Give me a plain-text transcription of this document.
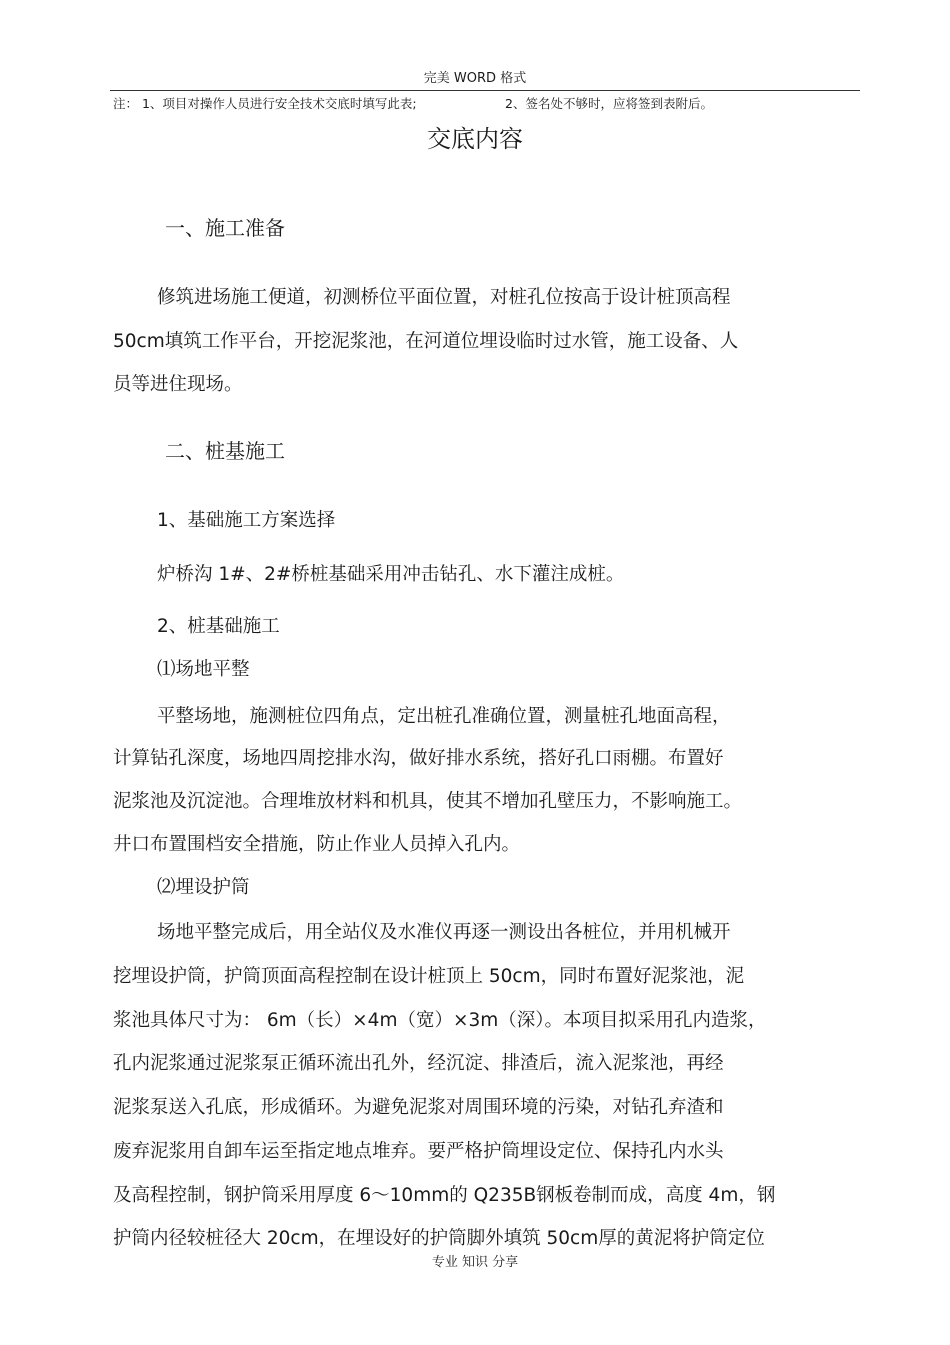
完美 WORD 格式
注： 1、项目对操作人员进行安全技术交底时填写此表;	2、签名处不够时，应将签到表附后。
交底内容
一、施工准备
修筑进场施工便道，初测桥位平面位置，对桩孔位按高于设计桩顶高程
50cm填筑工作平台，开挖泥浆池，在河道位埋设临时过水管，施工设备、人
员等进住现场。
二、桩基施工
1、基础施工方案选择
炉桥沟 1#、2#桥桩基础采用冲击钻孔、水下灌注成桩。
2、桩基础施工
⑴场地平整
平整场地，施测桩位四角点，定出桩孔准确位置，测量桩孔地面高程，
计算钻孔深度，场地四周挖排水沟，做好排水系统，搭好孔口雨棚。布置好
泥浆池及沉淀池。合理堆放材料和机具，使其不增加孔壁压力，不影响施工。
井口布置围档安全措施，防止作业人员掉入孔内。
⑵埋设护筒
场地平整完成后，用全站仪及水准仪再逐一测设出各桩位，并用机械开
挖埋设护筒，护筒顶面高程控制在设计桩顶上 50cm，同时布置好泥浆池，泥
浆池具体尺寸为： 6m（长）×4m（宽）×3m（深）。本项目拟采用孔内造浆，
孔内泥浆通过泥浆泵正循环流出孔外，经沉淀、排渣后，流入泥浆池，再经
泥浆泵送入孔底，形成循环。为避免泥浆对周围环境的污染，对钻孔弃渣和
废弃泥浆用自卸车运至指定地点堆弃。要严格护筒埋设定位、保持孔内水头
及高程控制，钢护筒采用厚度 6～10mm的 Q235B钢板卷制而成，高度 4m，钢
护筒内径较桩径大 20cm，在埋设好的护筒脚外填筑 50cm厚的黄泥将护筒定位
专业 知识 分享
